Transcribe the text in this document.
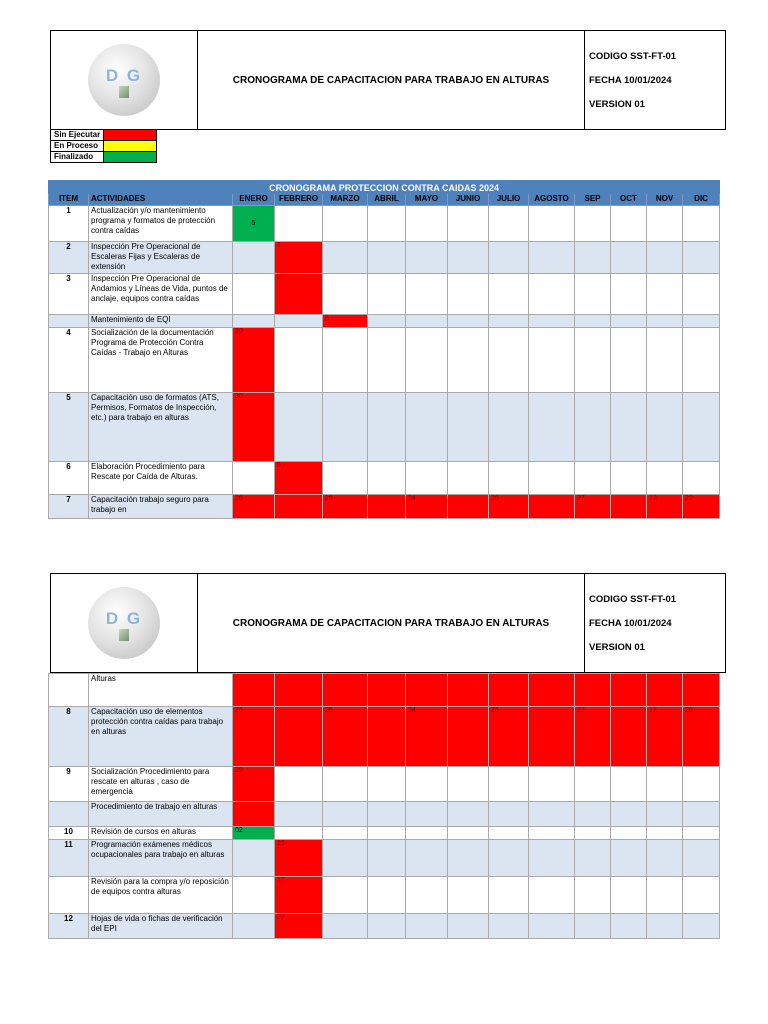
D G	CRONOGRAMA DE CAPACITACION PARA TRABAJO EN ALTURAS
CODIGO SST-FT-01
FECHA 10/01/2024
VERSION 01
Sin Ejecutar	
En Proceso	
Finalizado	
CRONOGRAMA PROTECCION CONTRA CAIDAS 2024													
ITEM	ACTIVIDADES	ENERO	FEBRERO	MARZO	ABRIL	MAYO	JUNIO	JULIO	AGOSTO	SEP	OCT	NOV	DIC
1	Actualización y/o mantenimiento programa y formatos de protección contra caídas	5											
2	Inspección Pre Operacional de Escaleras Fijas y Escaleras de extensión		1										
3	Inspección Pre Operacional de Andamios y Líneas de Vida, puntos de anclaje, equipos contra caídas		2										
	Mantenimiento de EQI			6									
4	Socialización de la documentación Programa de Protección Contra Caídas - Trabajo en Alturas	30											
5	Capacitación uso de formatos (ATS, Permisos, Formatos de Inspección, etc.) para trabajo en alturas	30											
6	Elaboración Procedimiento para Rescate por Caída de Alturas.		5										
7	Capacitación trabajo seguro para trabajo en	26		26		24		26		27		12	20
D G	CRONOGRAMA DE CAPACITACION PARA TRABAJO EN ALTURAS
CODIGO SST-FT-01
FECHA 10/01/2024
VERSION 01
	Alturas												
8	Capacitación uso de elementos protección contra caídas para trabajo en alturas	26		26		24		26		27		12	20
9	Socialización Procedimiento para rescate en alturas , caso de emergencia	29											
	Procedimiento de trabajo en alturas												
10	Revisión de cursos en alturas	02											
11	Programación exámenes médicos ocupacionales para trabajo en alturas		16										
	Revisión para la compra y/o reposición de equipos contra alturas		17										
12	Hojas de vida o fichas de verificación del EPI		27										
